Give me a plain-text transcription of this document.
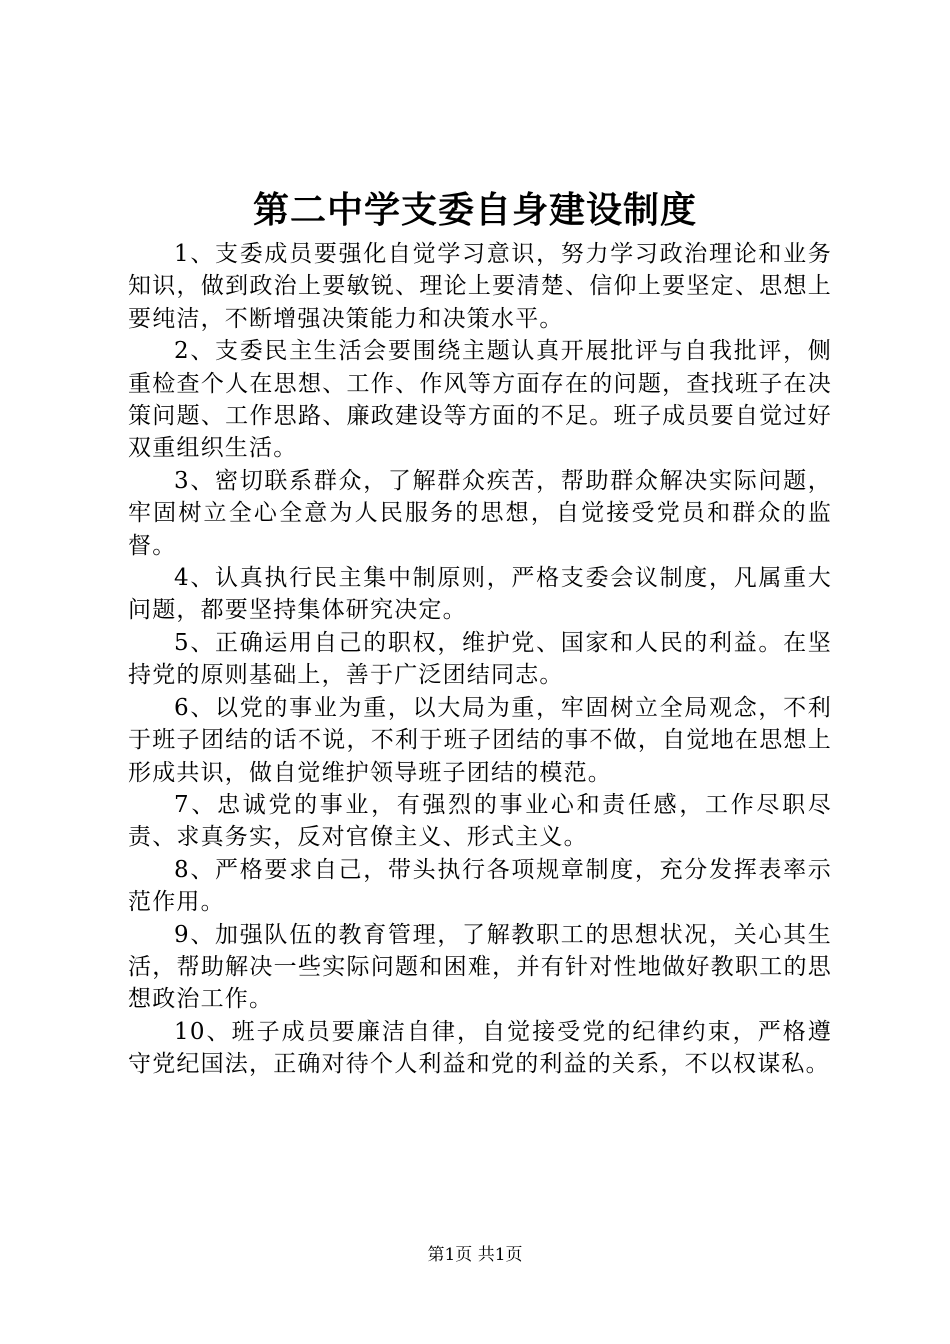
第二中学支委自身建设制度

1、支委成员要强化自觉学习意识，努力学习政治理论和业务知识，做到政治上要敏锐、理论上要清楚、信仰上要坚定、思想上要纯洁，不断增强决策能力和决策水平。

2、支委民主生活会要围绕主题认真开展批评与自我批评，侧重检查个人在思想、工作、作风等方面存在的问题，查找班子在决策问题、工作思路、廉政建设等方面的不足。班子成员要自觉过好双重组织生活。

3、密切联系群众，了解群众疾苦，帮助群众解决实际问题，牢固树立全心全意为人民服务的思想，自觉接受党员和群众的监督。

4、认真执行民主集中制原则，严格支委会议制度，凡属重大问题，都要坚持集体研究决定。

5、正确运用自己的职权，维护党、国家和人民的利益。在坚持党的原则基础上，善于广泛团结同志。

6、以党的事业为重，以大局为重，牢固树立全局观念，不利于班子团结的话不说，不利于班子团结的事不做，自觉地在思想上形成共识，做自觉维护领导班子团结的模范。

7、忠诚党的事业，有强烈的事业心和责任感，工作尽职尽责、求真务实，反对官僚主义、形式主义。

8、严格要求自己，带头执行各项规章制度，充分发挥表率示范作用。

9、加强队伍的教育管理，了解教职工的思想状况，关心其生活，帮助解决一些实际问题和困难，并有针对性地做好教职工的思想政治工作。

10、班子成员要廉洁自律，自觉接受党的纪律约束，严格遵守党纪国法，正确对待个人利益和党的利益的关系，不以权谋私。

第1页 共1页
